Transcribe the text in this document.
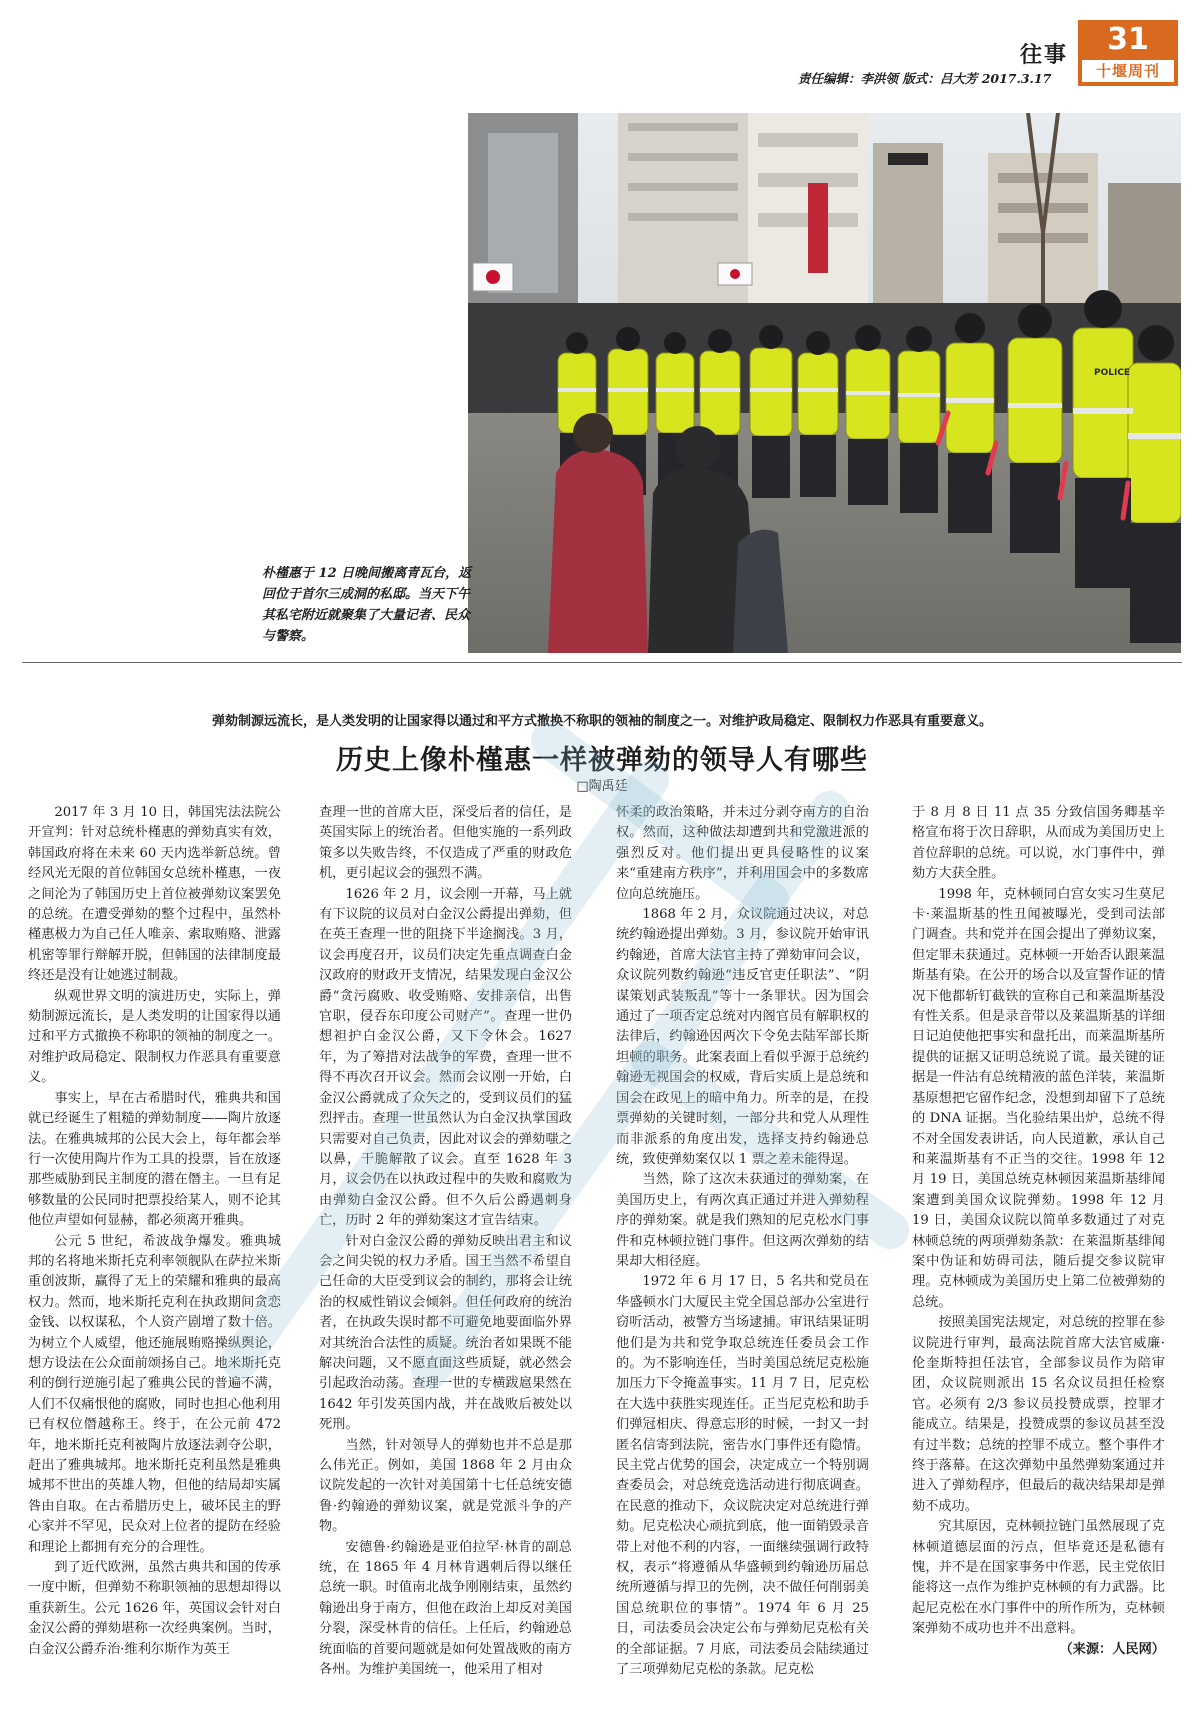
往事
责任编辑：李洪领 版式：吕大芳 2017.3.17
31
十堰周刊
POLICE
朴槿惠于 12 日晚间搬离青瓦台，返回位于首尔三成洞的私邸。当天下午其私宅附近就聚集了大量记者、民众与警察。
弹劾制源远流长，是人类发明的让国家得以通过和平方式撤换不称职的领袖的制度之一。对维护政局稳定、限制权力作恶具有重要意义。
历史上像朴槿惠一样被弹劾的领导人有哪些
□陶禹廷

2017 年 3 月 10 日，韩国宪法法院公开宣判：针对总统朴槿惠的弹劾真实有效，韩国政府将在未来 60 天内选举新总统。曾经风光无限的首位韩国女总统朴槿惠，一夜之间沦为了韩国历史上首位被弹劾议案罢免的总统。在遭受弹劾的整个过程中，虽然朴槿惠极力为自己任人唯亲、索取贿赂、泄露机密等罪行辩解开脱，但韩国的法律制度最终还是没有让她逃过制裁。

纵观世界文明的演进历史，实际上，弹劾制源远流长，是人类发明的让国家得以通过和平方式撤换不称职的领袖的制度之一。对维护政局稳定、限制权力作恶具有重要意义。

事实上，早在古希腊时代，雅典共和国就已经诞生了粗糙的弹劾制度——陶片放逐法。在雅典城邦的公民大会上，每年都会举行一次使用陶片作为工具的投票，旨在放逐那些威胁到民主制度的潜在僭主。一旦有足够数量的公民同时把票投给某人，则不论其他位声望如何显赫，都必须离开雅典。

公元 5 世纪，希波战争爆发。雅典城邦的名将地米斯托克利率领舰队在萨拉米斯重创波斯，赢得了无上的荣耀和雅典的最高权力。然而，地米斯托克利在执政期间贪恋金钱、以权谋私，个人资产剧增了数十倍。为树立个人威望，他还施展贿赂操纵舆论，想方设法在公众面前颂扬自己。地米斯托克利的倒行逆施引起了雅典公民的普遍不满，人们不仅痛恨他的腐败，同时也担心他利用已有权位僭越称王。终于，在公元前 472 年，地米斯托克利被陶片放逐法剥夺公职，赶出了雅典城邦。地米斯托克利虽然是雅典城邦不世出的英雄人物，但他的结局却实属咎由自取。在古希腊历史上，破坏民主的野心家并不罕见，民众对上位者的提防在经验和理论上都拥有充分的合理性。

到了近代欧洲，虽然古典共和国的传承一度中断，但弹劾不称职领袖的思想却得以重获新生。公元 1626 年，英国议会针对白金汉公爵的弹劾堪称一次经典案例。当时，白金汉公爵乔治·维利尔斯作为英王

查理一世的首席大臣，深受后者的信任，是英国实际上的统治者。但他实施的一系列政策多以失败告终，不仅造成了严重的财政危机，更引起议会的强烈不满。

1626 年 2 月，议会刚一开幕，马上就有下议院的议员对白金汉公爵提出弹劾，但在英王查理一世的阻挠下半途搁浅。3 月，议会再度召开，议员们决定先重点调查白金汉政府的财政开支情况，结果发现白金汉公爵“贪污腐败、收受贿赂、安排亲信，出售官职，侵吞东印度公司财产”。查理一世仍想袒护白金汉公爵，又下令休会。1627 年，为了筹措对法战争的军费，查理一世不得不再次召开议会。然而会议刚一开始，白金汉公爵就成了众矢之的，受到议员们的猛烈抨击。查理一世虽然认为白金汉执掌国政只需要对自己负责，因此对议会的弹劾嗤之以鼻，干脆解散了议会。直至 1628 年 3 月，议会仍在以执政过程中的失败和腐败为由弹劾白金汉公爵。但不久后公爵遇刺身亡，历时 2 年的弹劾案这才宣告结束。

针对白金汉公爵的弹劾反映出君主和议会之间尖锐的权力矛盾。国王当然不希望自己任命的大臣受到议会的制约，那将会让统治的权威性销议会倾斜。但任何政府的统治者，在执政失误时都不可避免地要面临外界对其统治合法性的质疑。统治者如果既不能解决问题，又不愿直面这些质疑，就必然会引起政治动荡。查理一世的专横跋扈果然在 1642 年引发英国内战，并在战败后被处以死刑。

当然，针对领导人的弹劾也并不总是那么伟光正。例如，美国 1868 年 2 月由众议院发起的一次针对美国第十七任总统安德鲁·约翰逊的弹劾议案，就是党派斗争的产物。

安德鲁·约翰逊是亚伯拉罕·林肯的副总统，在 1865 年 4 月林肯遇刺后得以继任总统一职。时值南北战争刚刚结束，虽然约翰逊出身于南方，但他在政治上却反对美国分裂，深受林肯的信任。上任后，约翰逊总统面临的首要问题就是如何处置战败的南方各州。为维护美国统一，他采用了相对

怀柔的政治策略，并未过分剥夺南方的自治权。然而，这种做法却遭到共和党激进派的强烈反对。他们提出更具侵略性的议案来“重建南方秩序”，并利用国会中的多数席位向总统施压。

1868 年 2 月，众议院通过决议，对总统约翰逊提出弹劾。3 月，参议院开始审讯约翰逊，首席大法官主持了弹劾审问会议，众议院列数约翰逊“违反官吏任职法”、“阴谋策划武装叛乱”等十一条罪状。因为国会通过了一项否定总统对内阁官员有解职权的法律后，约翰逊因两次下令免去陆军部长斯坦顿的职务。此案表面上看似乎源于总统约翰逊无视国会的权威，背后实质上是总统和国会在政见上的暗中角力。所幸的是，在投票弹劾的关键时刻，一部分共和党人从理性而非派系的角度出发，选择支持约翰逊总统，致使弹劾案仅以 1 票之差未能得逞。

当然，除了这次未获通过的弹劾案，在美国历史上，有两次真正通过并进入弹劾程序的弹劾案。就是我们熟知的尼克松水门事件和克林顿拉链门事件。但这两次弹劾的结果却大相径庭。

1972 年 6 月 17 日，5 名共和党员在华盛顿水门大厦民主党全国总部办公室进行窃听活动，被警方当场逮捕。审讯结果证明他们是为共和党争取总统连任委员会工作的。为不影响连任，当时美国总统尼克松施加压力下令掩盖事实。11 月 7 日，尼克松在大选中获胜实现连任。正当尼克松和助手们弹冠相庆、得意忘形的时候，一封又一封匿名信寄到法院，密告水门事件还有隐情。民主党占优势的国会，决定成立一个特别调查委员会，对总统竞选活动进行彻底调查。在民意的推动下，众议院决定对总统进行弹劾。尼克松决心顽抗到底，他一面销毁录音带上对他不利的内容，一面继续强调行政特权，表示“将遵循从华盛顿到约翰逊历届总统所遵循与捍卫的先例，决不做任何削弱美国总统职位的事情”。1974 年 6 月 25 日，司法委员会决定公布与弹劾尼克松有关的全部证据。7 月底，司法委员会陆续通过了三项弹劾尼克松的条款。尼克松

于 8 月 8 日 11 点 35 分致信国务卿基辛格宣布将于次日辞职，从而成为美国历史上首位辞职的总统。可以说，水门事件中，弹劾方大获全胜。

1998 年，克林顿同白宫女实习生莫尼卡·莱温斯基的性丑闻被曝光，受到司法部门调查。共和党并在国会提出了弹劾议案，但定罪未获通过。克林顿一开始否认跟莱温斯基有染。在公开的场合以及宣誓作证的情况下他都斩钉截铁的宣称自己和莱温斯基没有性关系。但是录音带以及莱温斯基的详细日记迫使他把事实和盘托出，而莱温斯基所提供的证据又证明总统说了谎。最关键的证据是一件沾有总统精液的蓝色洋装，莱温斯基原想把它留作纪念，没想到却留下了总统的 DNA 证据。当化验结果出炉，总统不得不对全国发表讲话，向人民道歉，承认自己和莱温斯基有不正当的交往。1998 年 12 月 19 日，美国总统克林顿因莱温斯基绯闻案遭到美国众议院弹劾。1998 年 12 月 19 日，美国众议院以简单多数通过了对克林顿总统的两项弹劾条款：在莱温斯基绯闻案中伪证和妨碍司法，随后提交参议院审理。克林顿成为美国历史上第二位被弹劾的总统。

按照美国宪法规定，对总统的控罪在参议院进行审判，最高法院首席大法官威廉·伦奎斯特担任法官，全部参议员作为陪审团，众议院则派出 15 名众议员担任检察官。必须有 2/3 参议员投赞成票，控罪才能成立。结果是，投赞成票的参议员甚至没有过半数；总统的控罪不成立。整个事件才终于落幕。在这次弹劾中虽然弹劾案通过并进入了弹劾程序，但最后的裁决结果却是弹劾不成功。

究其原因，克林顿拉链门虽然展现了克林顿道德层面的污点，但毕竟还是私德有愧，并不是在国家事务中作恶，民主党依旧能将这一点作为维护克林顿的有力武器。比起尼克松在水门事件中的所作所为，克林顿案弹劾不成功也并不出意料。

（来源：人民网）
